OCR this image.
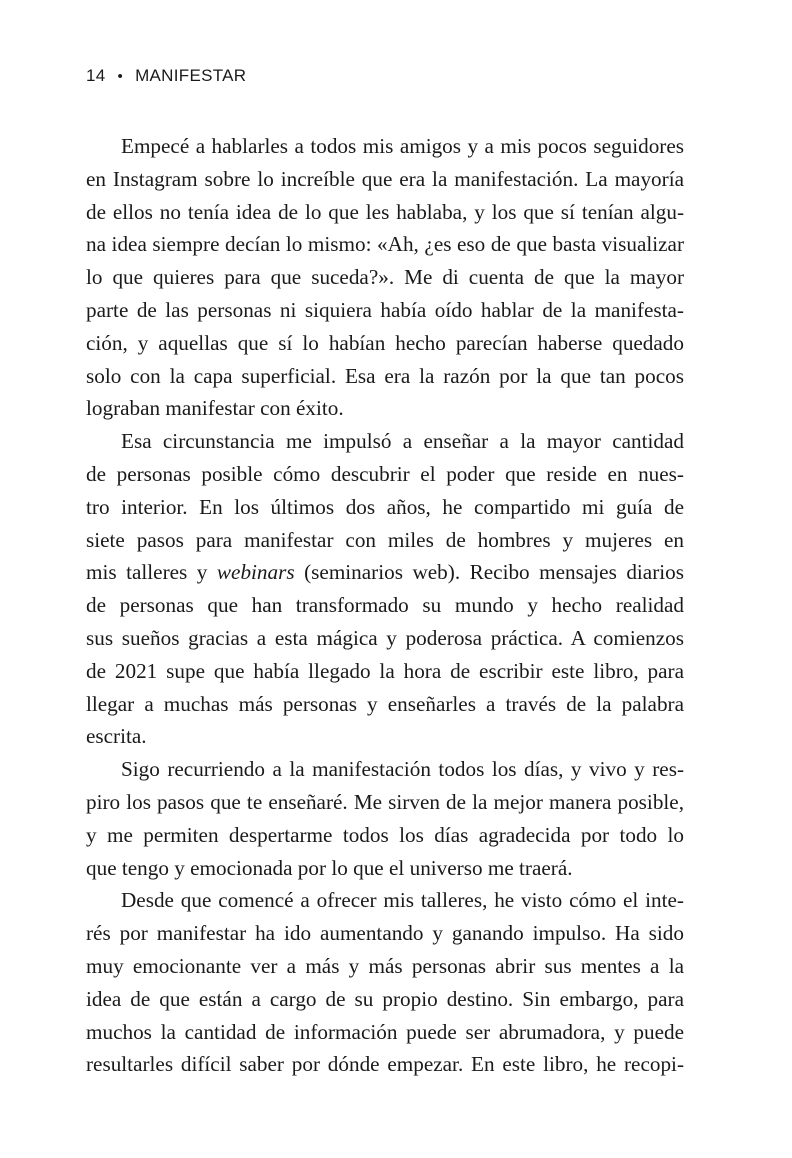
14 • MANIFESTAR
Empecé a hablarles a todos mis amigos y a mis pocos seguidores
en Instagram sobre lo increíble que era la manifestación. La mayoría
de ellos no tenía idea de lo que les hablaba, y los que sí tenían algu-
na idea siempre decían lo mismo: «Ah, ¿es eso de que basta visualizar
lo que quieres para que suceda?». Me di cuenta de que la mayor
parte de las personas ni siquiera había oído hablar de la manifesta-
ción, y aquellas que sí lo habían hecho parecían haberse quedado
solo con la capa superficial. Esa era la razón por la que tan pocos
lograban manifestar con éxito.
Esa circunstancia me impulsó a enseñar a la mayor cantidad
de personas posible cómo descubrir el poder que reside en nues-
tro interior. En los últimos dos años, he compartido mi guía de
siete pasos para manifestar con miles de hombres y mujeres en
mis talleres y webinars (seminarios web). Recibo mensajes diarios
de personas que han transformado su mundo y hecho realidad
sus sueños gracias a esta mágica y poderosa práctica. A comienzos
de 2021 supe que había llegado la hora de escribir este libro, para
llegar a muchas más personas y enseñarles a través de la palabra
escrita.
Sigo recurriendo a la manifestación todos los días, y vivo y res-
piro los pasos que te enseñaré. Me sirven de la mejor manera posible,
y me permiten despertarme todos los días agradecida por todo lo
que tengo y emocionada por lo que el universo me traerá.
Desde que comencé a ofrecer mis talleres, he visto cómo el inte-
rés por manifestar ha ido aumentando y ganando impulso. Ha sido
muy emocionante ver a más y más personas abrir sus mentes a la
idea de que están a cargo de su propio destino. Sin embargo, para
muchos la cantidad de información puede ser abrumadora, y puede
resultarles difícil saber por dónde empezar. En este libro, he recopi-
